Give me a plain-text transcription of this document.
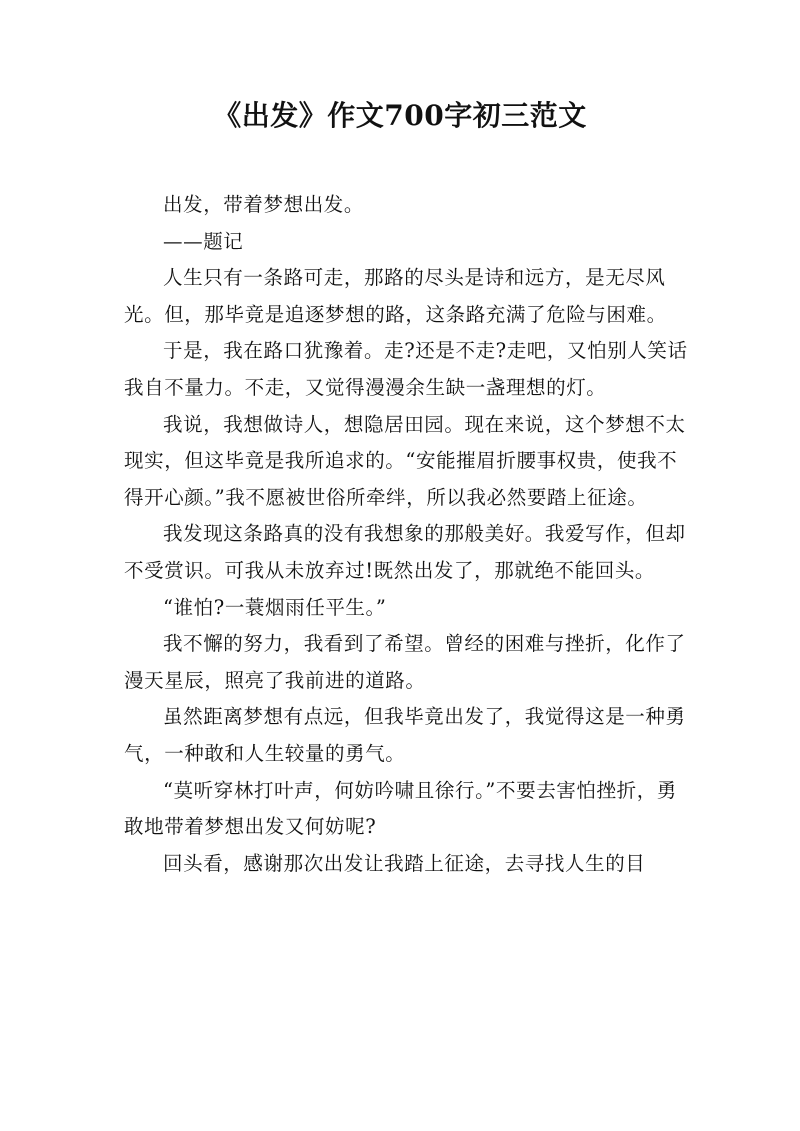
《出发》作文700字初三范文

出发，带着梦想出发。

——题记

人生只有一条路可走，那路的尽头是诗和远方，是无尽风光。但，那毕竟是追逐梦想的路，这条路充满了危险与困难。

于是，我在路口犹豫着。走?还是不走?走吧，又怕别人笑话我自不量力。不走，又觉得漫漫余生缺一盏理想的灯。

我说，我想做诗人，想隐居田园。现在来说，这个梦想不太现实，但这毕竟是我所追求的。“安能摧眉折腰事权贵，使我不得开心颜。”我不愿被世俗所牵绊，所以我必然要踏上征途。

我发现这条路真的没有我想象的那般美好。我爱写作，但却不受赏识。可我从未放弃过!既然出发了，那就绝不能回头。

“谁怕?一蓑烟雨任平生。”

我不懈的努力，我看到了希望。曾经的困难与挫折，化作了漫天星辰，照亮了我前进的道路。

虽然距离梦想有点远，但我毕竟出发了，我觉得这是一种勇气，一种敢和人生较量的勇气。

“莫听穿林打叶声，何妨吟啸且徐行。”不要去害怕挫折，勇敢地带着梦想出发又何妨呢?

回头看，感谢那次出发让我踏上征途，去寻找人生的目
